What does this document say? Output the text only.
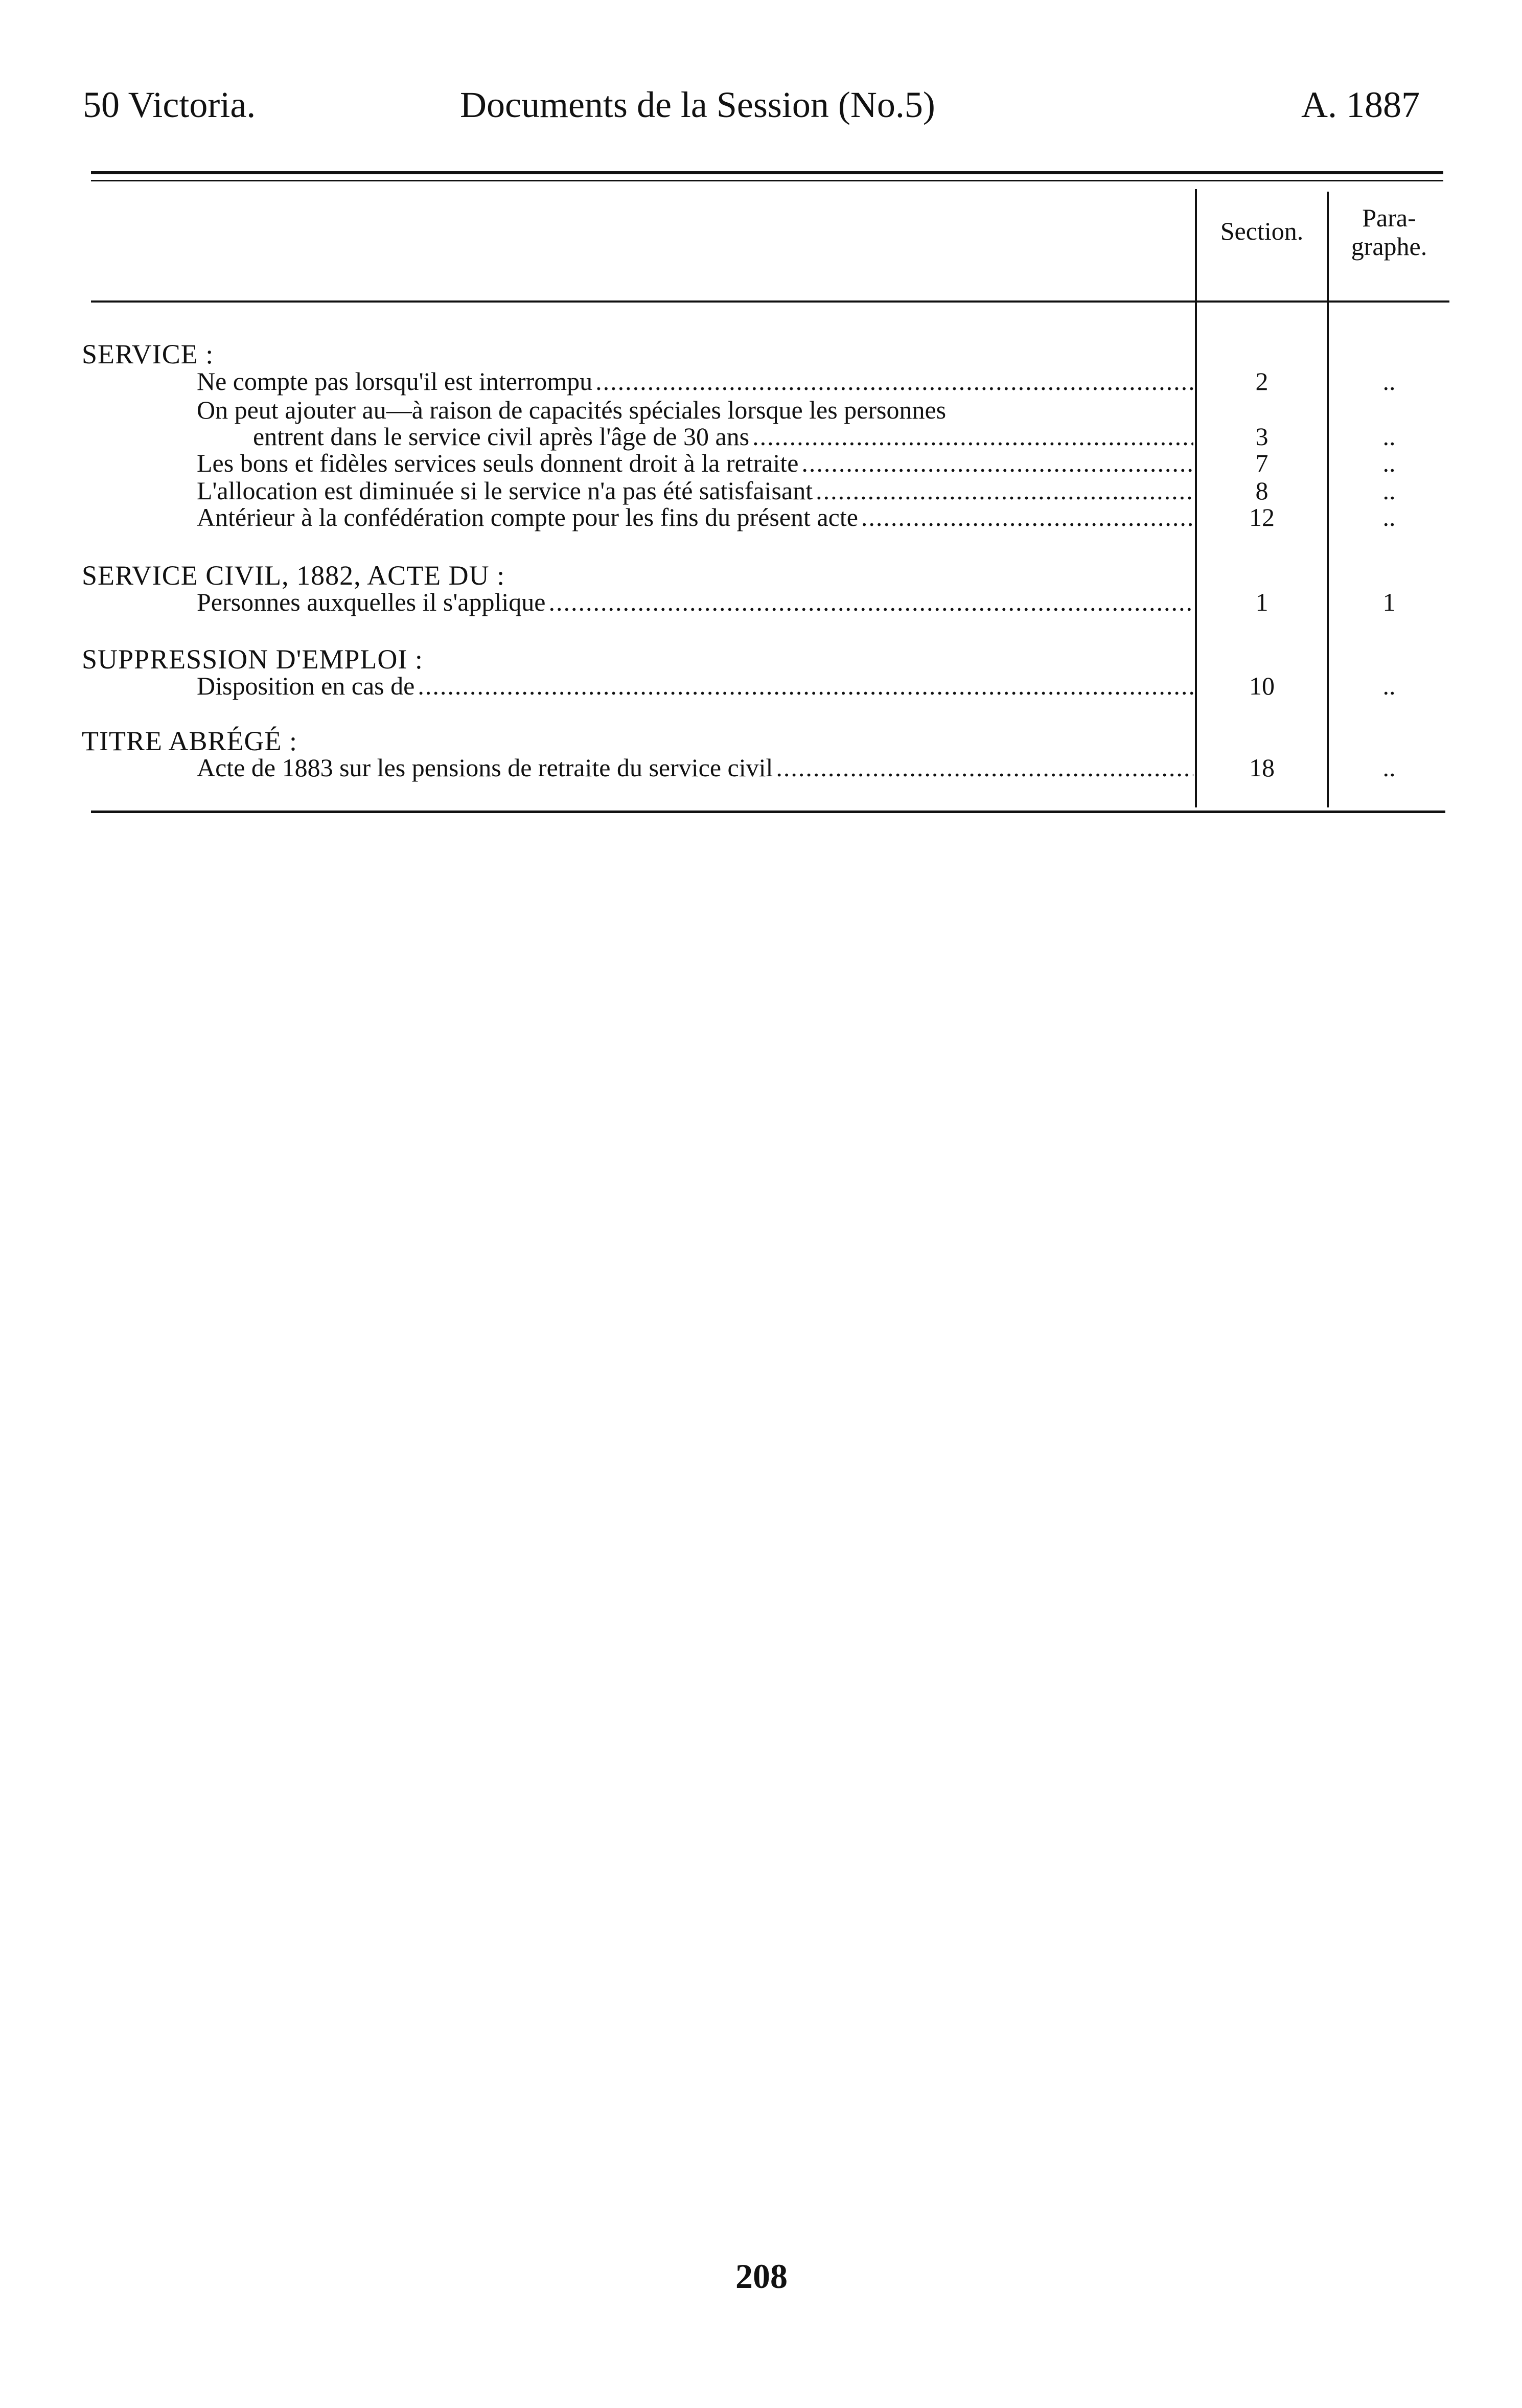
50 Victoria.	Documents de la Session (No.5)	A. 1887
Section.	Para-
graphe.
SERVICE :
Ne compte pas lorsqu'il est interrompu .....	2	..
On peut ajouter au—à raison de capacités spéciales lorsque les personnes
entrent dans le service civil après l'âge de 30 ans .....	3	..
Les bons et fidèles services seuls donnent droit à la retraite .....	7	..
L'allocation est diminuée si le service n'a pas été satisfaisant .....	8	..
Antérieur à la confédération compte pour les fins du présent acte .....	12	..
SERVICE CIVIL, 1882, ACTE DU :
Personnes auxquelles il s'applique .....	1	1
SUPPRESSION D'EMPLOI :
Disposition en cas de .....	10	..
TITRE ABRÉGÉ :
Acte de 1883 sur les pensions de retraite du service civil .....	18	..
208
